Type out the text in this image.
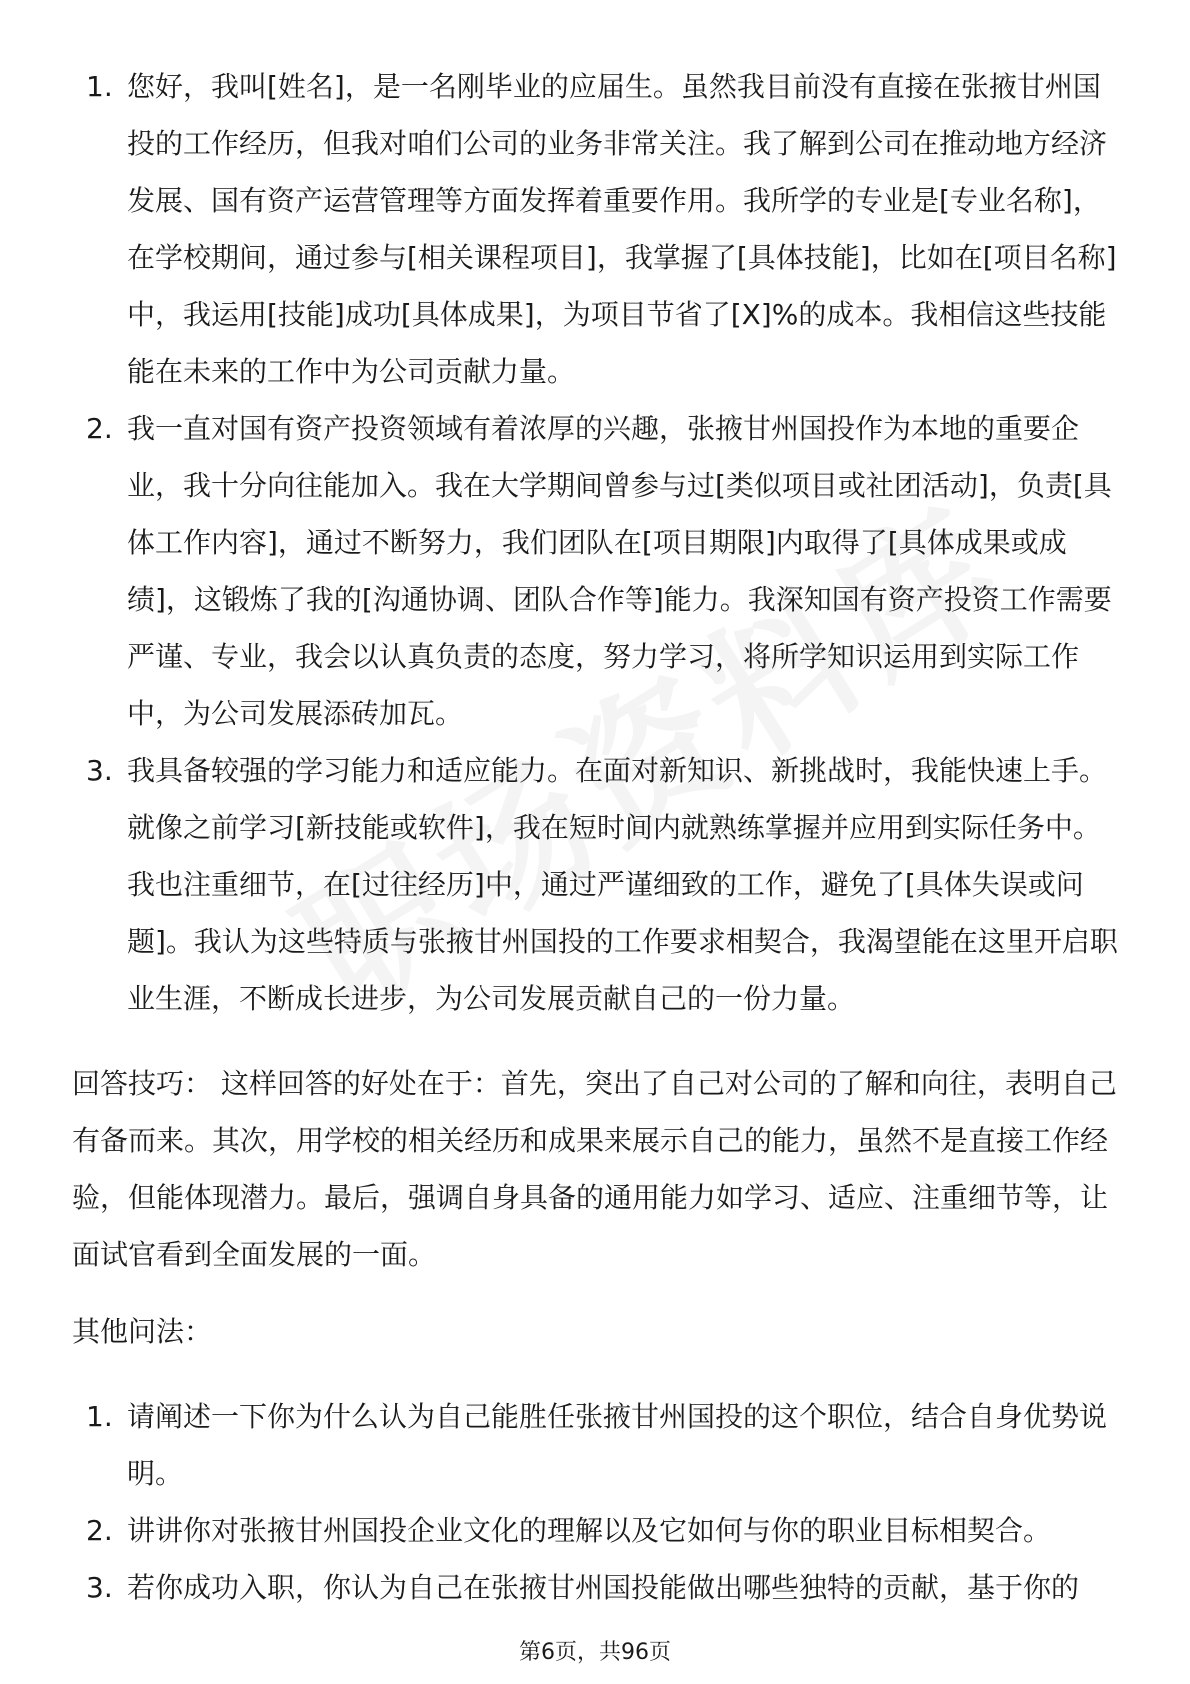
1. 您好，我叫[姓名]，是一名刚毕业的应届生。虽然我目前没有直接在张掖甘州国投的工作经历，但我对咱们公司的业务非常关注。我了解到公司在推动地方经济发展、国有资产运营管理等方面发挥着重要作用。我所学的专业是[专业名称]，在学校期间，通过参与[相关课程项目]，我掌握了[具体技能]，比如在[项目名称]中，我运用[技能]成功[具体成果]，为项目节省了[X]%的成本。我相信这些技能能在未来的工作中为公司贡献力量。
2. 我一直对国有资产投资领域有着浓厚的兴趣，张掖甘州国投作为本地的重要企业，我十分向往能加入。我在大学期间曾参与过[类似项目或社团活动]，负责[具体工作内容]，通过不断努力，我们团队在[项目期限]内取得了[具体成果或成绩]，这锻炼了我的[沟通协调、团队合作等]能力。我深知国有资产投资工作需要严谨、专业，我会以认真负责的态度，努力学习，将所学知识运用到实际工作中，为公司发展添砖加瓦。
3. 我具备较强的学习能力和适应能力。在面对新知识、新挑战时，我能快速上手。就像之前学习[新技能或软件]，我在短时间内就熟练掌握并应用到实际任务中。我也注重细节，在[过往经历]中，通过严谨细致的工作，避免了[具体失误或问题]。我认为这些特质与张掖甘州国投的工作要求相契合，我渴望能在这里开启职业生涯，不断成长进步，为公司发展贡献自己的一份力量。

回答技巧： 这样回答的好处在于：首先，突出了自己对公司的了解和向往，表明自己有备而来。其次，用学校的相关经历和成果来展示自己的能力，虽然不是直接工作经验，但能体现潜力。最后，强调自身具备的通用能力如学习、适应、注重细节等，让面试官看到全面发展的一面。

其他问法：

1. 请阐述一下你为什么认为自己能胜任张掖甘州国投的这个职位，结合自身优势说明。
2. 讲讲你对张掖甘州国投企业文化的理解以及它如何与你的职业目标相契合。
3. 若你成功入职，你认为自己在张掖甘州国投能做出哪些独特的贡献，基于你的
第6页，共96页
